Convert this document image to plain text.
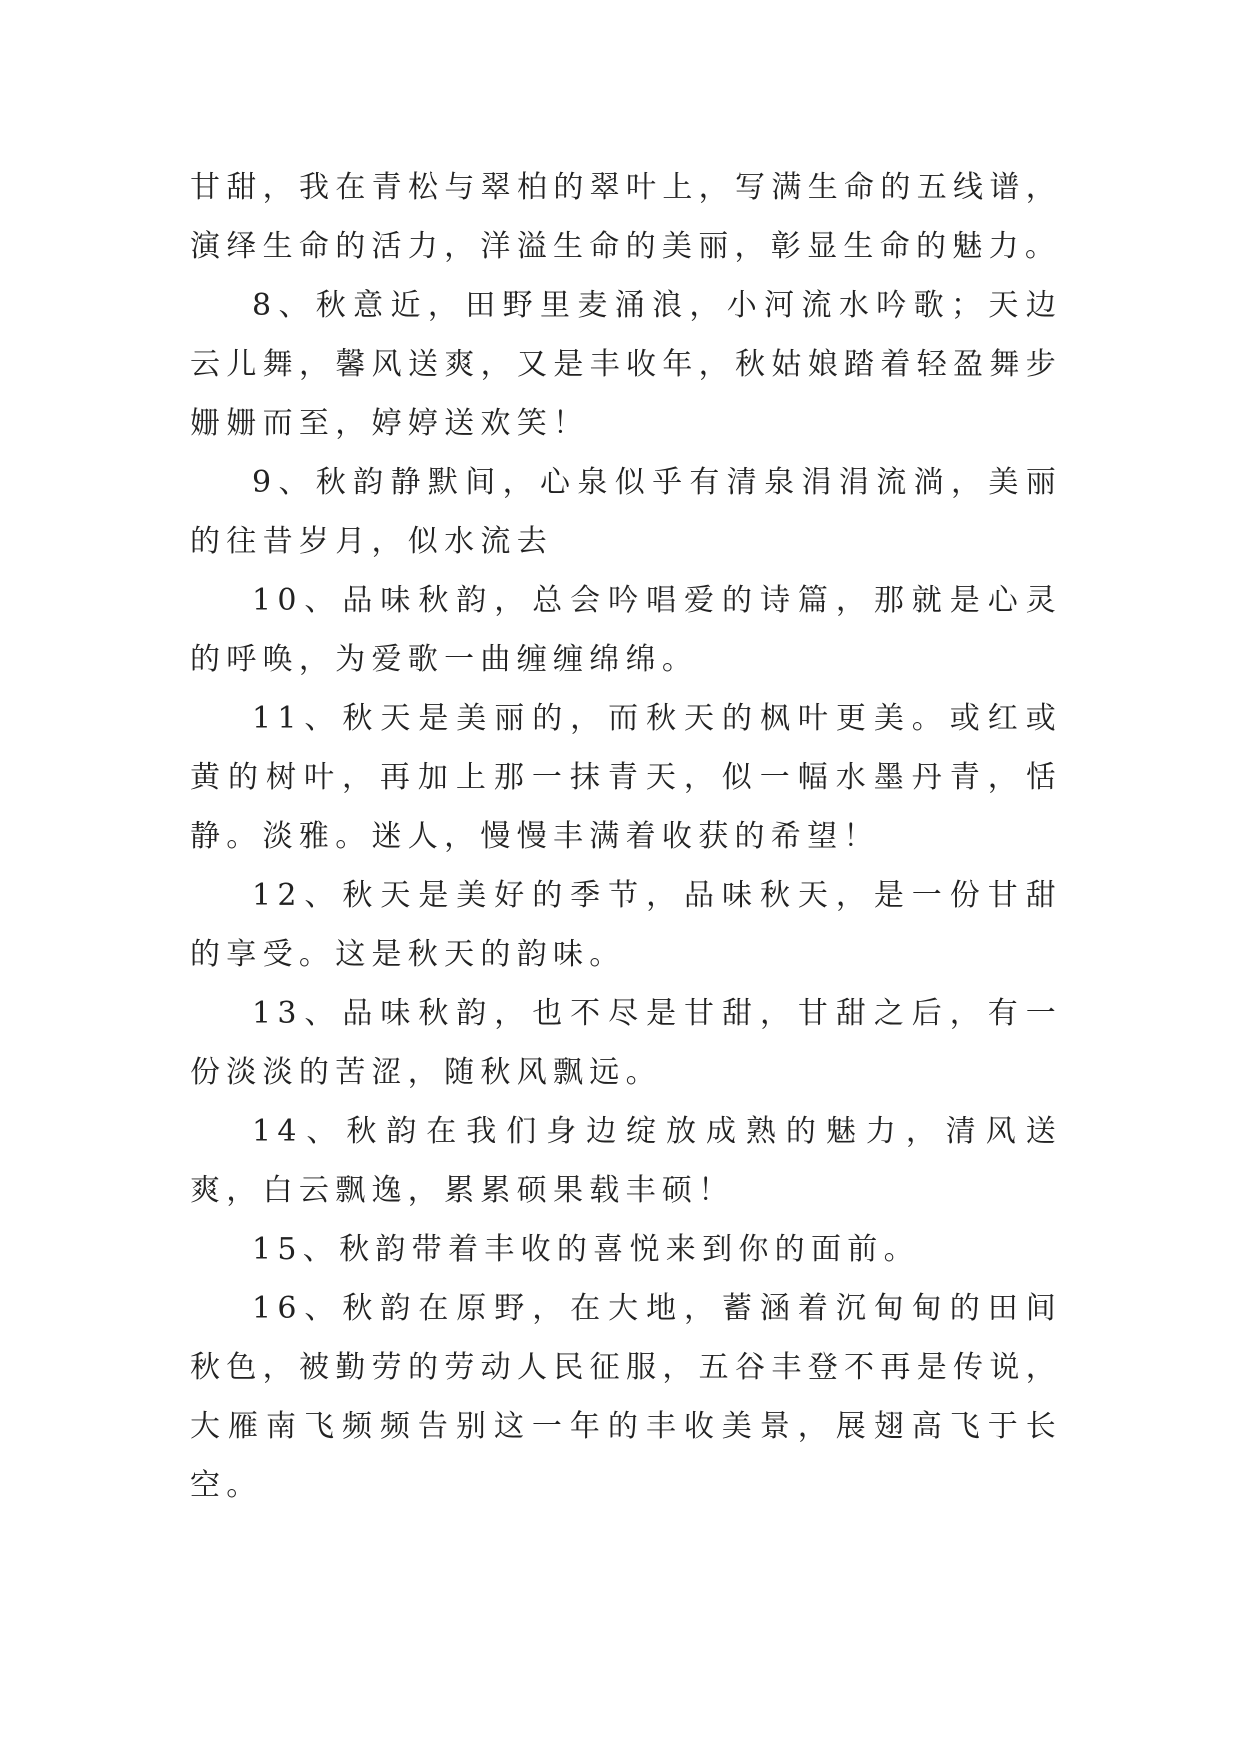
甘甜，我在青松与翠柏的翠叶上，写满生命的五线谱，演绎生命的活力，洋溢生命的美丽，彰显生命的魅力。

8、秋意近，田野里麦涌浪，小河流水吟歌；天边云儿舞，馨风送爽，又是丰收年，秋姑娘踏着轻盈舞步姗姗而至，婷婷送欢笑！

9、秋韵静默间，心泉似乎有清泉涓涓流淌，美丽的往昔岁月，似水流去

10、品味秋韵，总会吟唱爱的诗篇，那就是心灵的呼唤，为爱歌一曲缠缠绵绵。

11、秋天是美丽的，而秋天的枫叶更美。或红或黄的树叶，再加上那一抹青天，似一幅水墨丹青，恬静。淡雅。迷人，慢慢丰满着收获的希望！

12、秋天是美好的季节，品味秋天，是一份甘甜的享受。这是秋天的韵味。

13、品味秋韵，也不尽是甘甜，甘甜之后，有一份淡淡的苦涩，随秋风飘远。

14、秋韵在我们身边绽放成熟的魅力，清风送爽，白云飘逸，累累硕果载丰硕！

15、秋韵带着丰收的喜悦来到你的面前。

16、秋韵在原野，在大地，蓄涵着沉甸甸的田间秋色，被勤劳的劳动人民征服，五谷丰登不再是传说，大雁南飞频频告别这一年的丰收美景，展翅高飞于长空。
